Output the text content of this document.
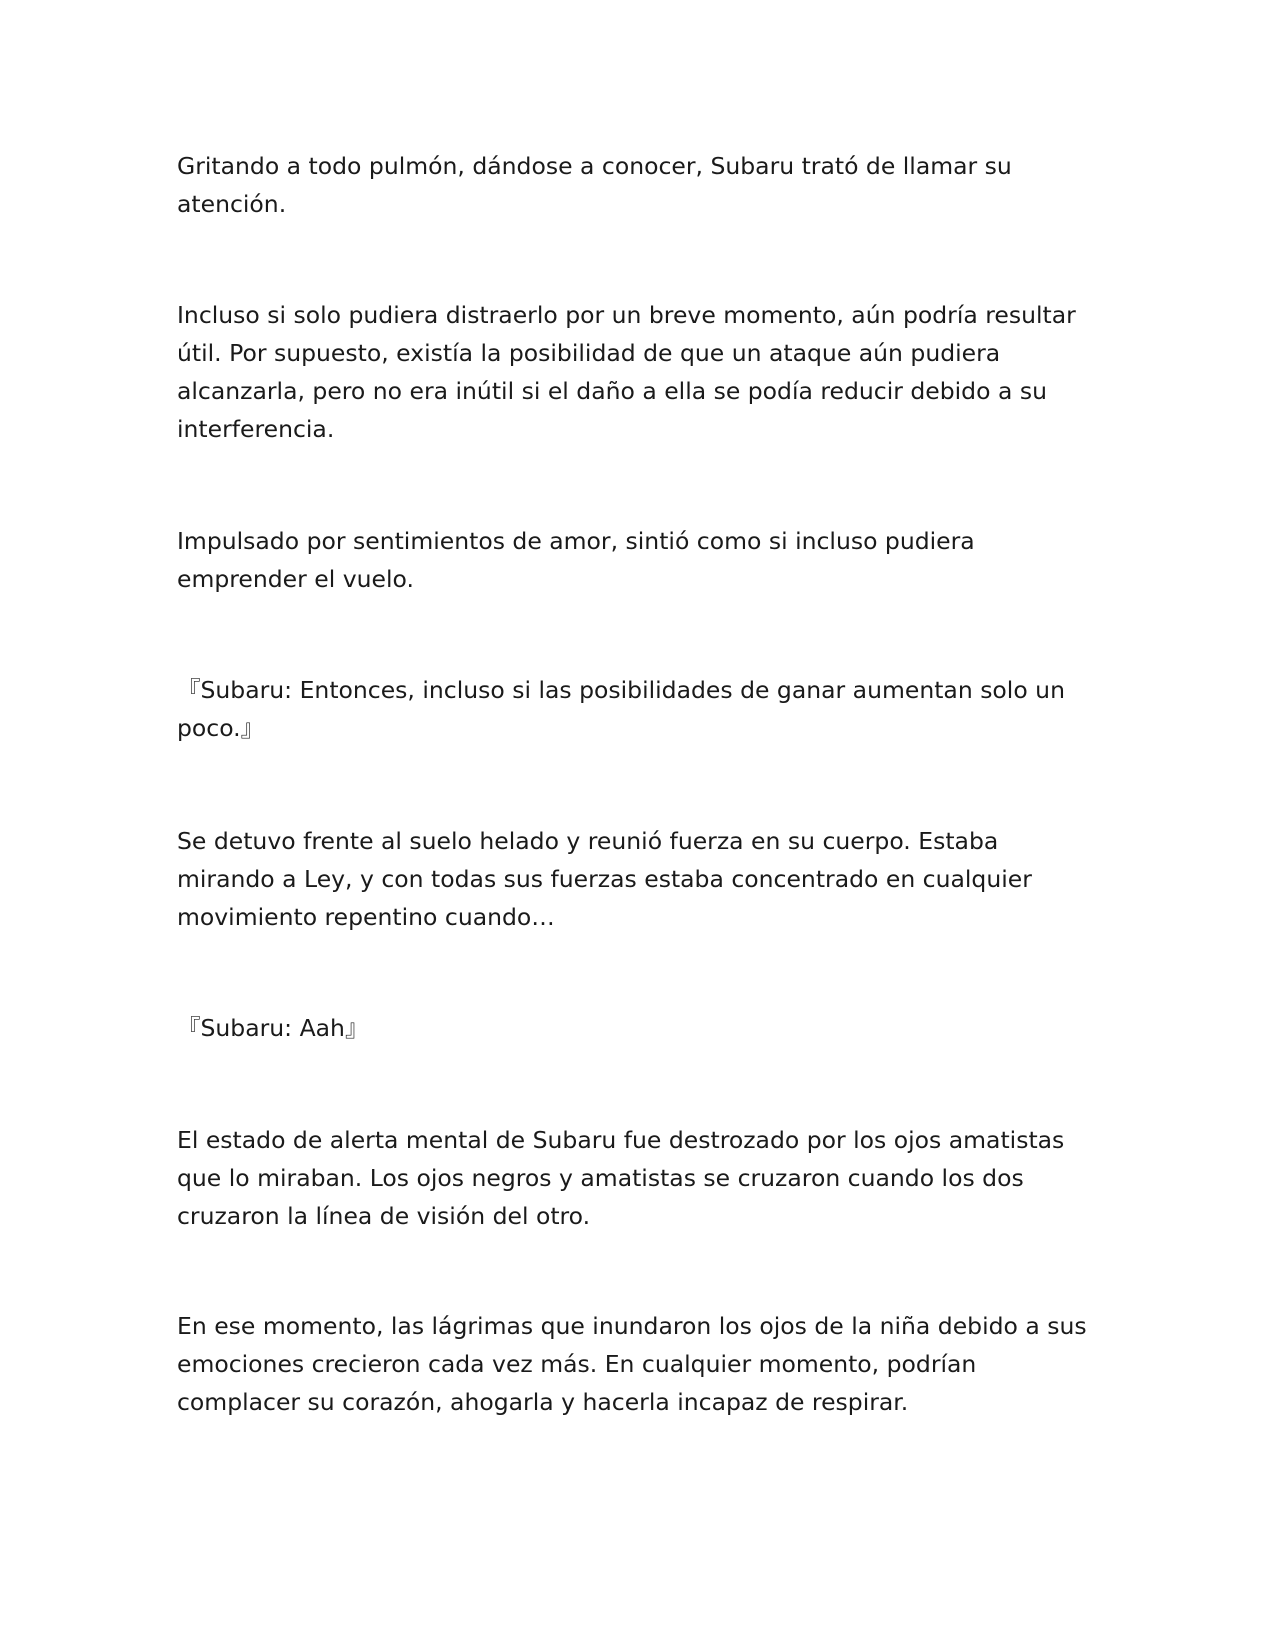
Gritando a todo pulmón, dándose a conocer, Subaru trató de llamar su atención.

Incluso si solo pudiera distraerlo por un breve momento, aún podría resultar útil. Por supuesto, existía la posibilidad de que un ataque aún pudiera alcanzarla, pero no era inútil si el daño a ella se podía reducir debido a su interferencia.

Impulsado por sentimientos de amor, sintió como si incluso pudiera emprender el vuelo.

『Subaru: Entonces, incluso si las posibilidades de ganar aumentan solo un poco.』

Se detuvo frente al suelo helado y reunió fuerza en su cuerpo. Estaba mirando a Ley, y con todas sus fuerzas estaba concentrado en cualquier movimiento repentino cuando…

『Subaru: Aah』

El estado de alerta mental de Subaru fue destrozado por los ojos amatistas que lo miraban. Los ojos negros y amatistas se cruzaron cuando los dos cruzaron la línea de visión del otro.

En ese momento, las lágrimas que inundaron los ojos de la niña debido a sus emociones crecieron cada vez más. En cualquier momento, podrían complacer su corazón, ahogarla y hacerla incapaz de respirar.
